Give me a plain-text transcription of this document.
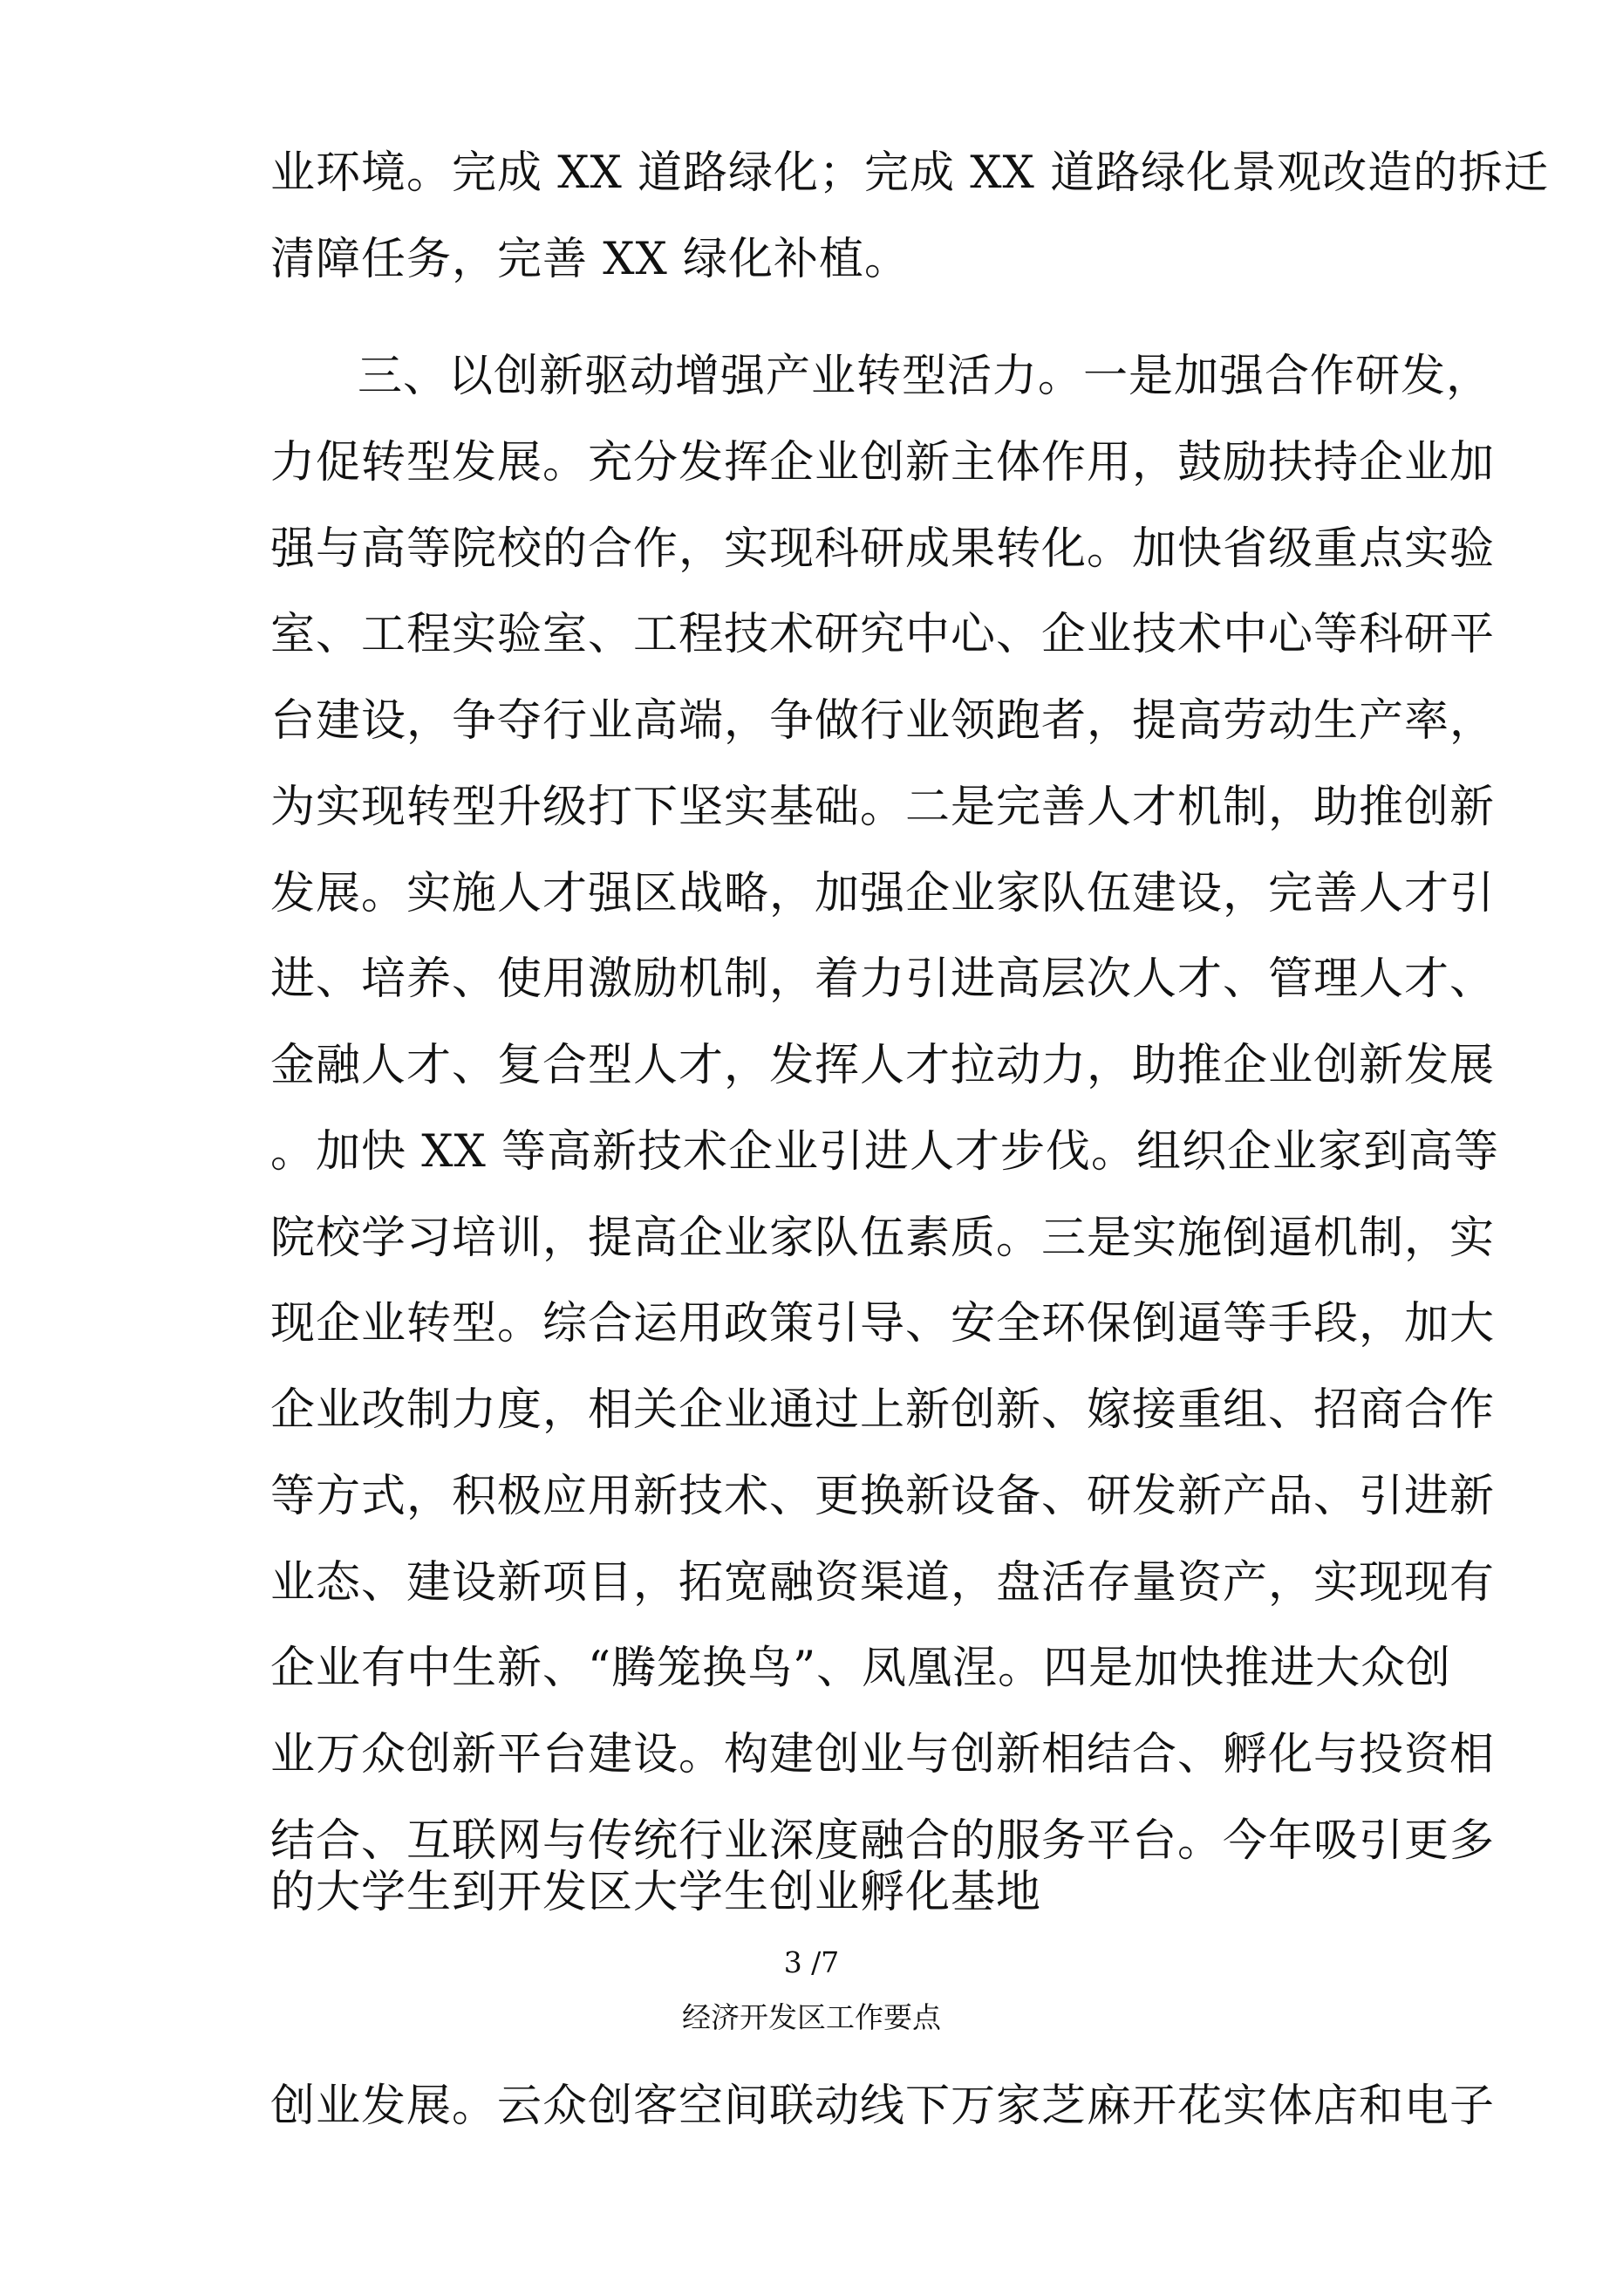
业环境。完成 XX 道路绿化；完成 XX 道路绿化景观改造的拆迁
清障任务，完善 XX 绿化补植。
三、以创新驱动增强产业转型活力。一是加强合作研发，
力促转型发展。充分发挥企业创新主体作用，鼓励扶持企业加
强与高等院校的合作，实现科研成果转化。加快省级重点实验
室、工程实验室、工程技术研究中心、企业技术中心等科研平
台建设，争夺行业高端，争做行业领跑者，提高劳动生产率，
为实现转型升级打下坚实基础。二是完善人才机制，助推创新
发展。实施人才强区战略，加强企业家队伍建设，完善人才引
进、培养、使用激励机制，着力引进高层次人才、管理人才、
金融人才、复合型人才，发挥人才拉动力，助推企业创新发展
。加快 XX 等高新技术企业引进人才步伐。组织企业家到高等
院校学习培训，提高企业家队伍素质。三是实施倒逼机制，实
现企业转型。综合运用政策引导、安全环保倒逼等手段，加大
企业改制力度，相关企业通过上新创新、嫁接重组、招商合作
等方式，积极应用新技术、更换新设备、研发新产品、引进新
业态、建设新项目，拓宽融资渠道，盘活存量资产，实现现有
企业有中生新、“腾笼换鸟”、凤凰涅。四是加快推进大众创
业万众创新平台建设。构建创业与创新相结合、孵化与投资相
结合、互联网与传统行业深度融合的服务平台。今年吸引更多
的大学生到开发区大学生创业孵化基地
3 /7
经济开发区工作要点
创业发展。云众创客空间联动线下万家芝麻开花实体店和电子
